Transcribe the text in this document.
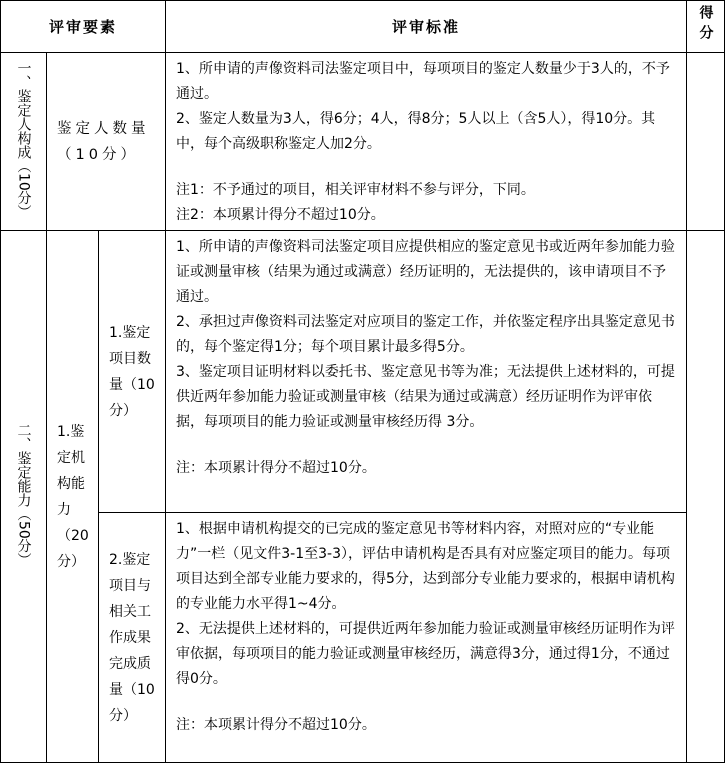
评审要素			评审标准	得分
一、鉴定人构成（10分）	鉴定人数量（10分）		1、所申请的声像资料司法鉴定项目中，每项项目的鉴定人数量少于3人的，不予通过。

2、鉴定人数量为3人，得6分；4人，得8分；5人以上（含5人），得10分。其中，每个高级职称鉴定人加2分。

注1：不予通过的项目，相关评审材料不参与评分，下同。

注2：本项累计得分不超过10分。	

二、鉴定能力（50分）	1.鉴定机构能力（20分）	1.鉴定项目数量（10分）	1、所申请的声像资料司法鉴定项目应提供相应的鉴定意见书或近两年参加能力验证或测量审核（结果为通过或满意）经历证明的，无法提供的，该申请项目不予通过。

2、承担过声像资料司法鉴定对应项目的鉴定工作，并依鉴定程序出具鉴定意见书的，每个鉴定得1分；每个项目累计最多得5分。

3、鉴定项目证明材料以委托书、鉴定意见书等为准；无法提供上述材料的，可提供近两年参加能力验证或测量审核（结果为通过或满意）经历证明作为评审依据，每项项目的能力验证或测量审核经历得 3分。

注：本项累计得分不超过10分。	

		2.鉴定项目与相关工作成果完成质量（10分）	1、根据申请机构提交的已完成的鉴定意见书等材料内容，对照对应的“专业能力”一栏（见文件3-1至3-3），评估申请机构是否具有对应鉴定项目的能力。每项项目达到全部专业能力要求的，得5分，达到部分专业能力要求的，根据申请机构的专业能力水平得1~4分。

2、无法提供上述材料的，可提供近两年参加能力验证或测量审核经历证明作为评审依据，每项项目的能力验证或测量审核经历，满意得3分，通过得1分，不通过得0分。

注：本项累计得分不超过10分。	
